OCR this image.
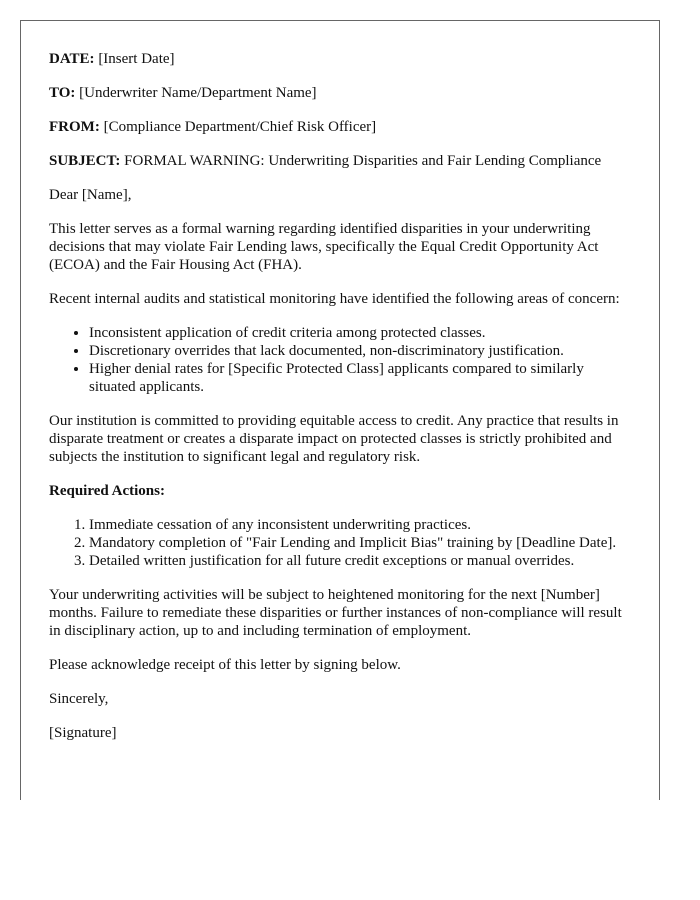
DATE: [Insert Date]

TO: [Underwriter Name/Department Name]

FROM: [Compliance Department/Chief Risk Officer]

SUBJECT: FORMAL WARNING: Underwriting Disparities and Fair Lending Compliance

Dear [Name],

This letter serves as a formal warning regarding identified disparities in your underwriting decisions that may violate Fair Lending laws, specifically the Equal Credit Opportunity Act (ECOA) and the Fair Housing Act (FHA).

Recent internal audits and statistical monitoring have identified the following areas of concern:

• Inconsistent application of credit criteria among protected classes.
• Discretionary overrides that lack documented, non-discriminatory justification.
• Higher denial rates for [Specific Protected Class] applicants compared to similarly situated applicants.

Our institution is committed to providing equitable access to credit. Any practice that results in disparate treatment or creates a disparate impact on protected classes is strictly prohibited and subjects the institution to significant legal and regulatory risk.

Required Actions:

1. Immediate cessation of any inconsistent underwriting practices.
2. Mandatory completion of "Fair Lending and Implicit Bias" training by [Deadline Date].
3. Detailed written justification for all future credit exceptions or manual overrides.

Your underwriting activities will be subject to heightened monitoring for the next [Number] months. Failure to remediate these disparities or further instances of non-compliance will result in disciplinary action, up to and including termination of employment.

Please acknowledge receipt of this letter by signing below.

Sincerely,

[Signature]
